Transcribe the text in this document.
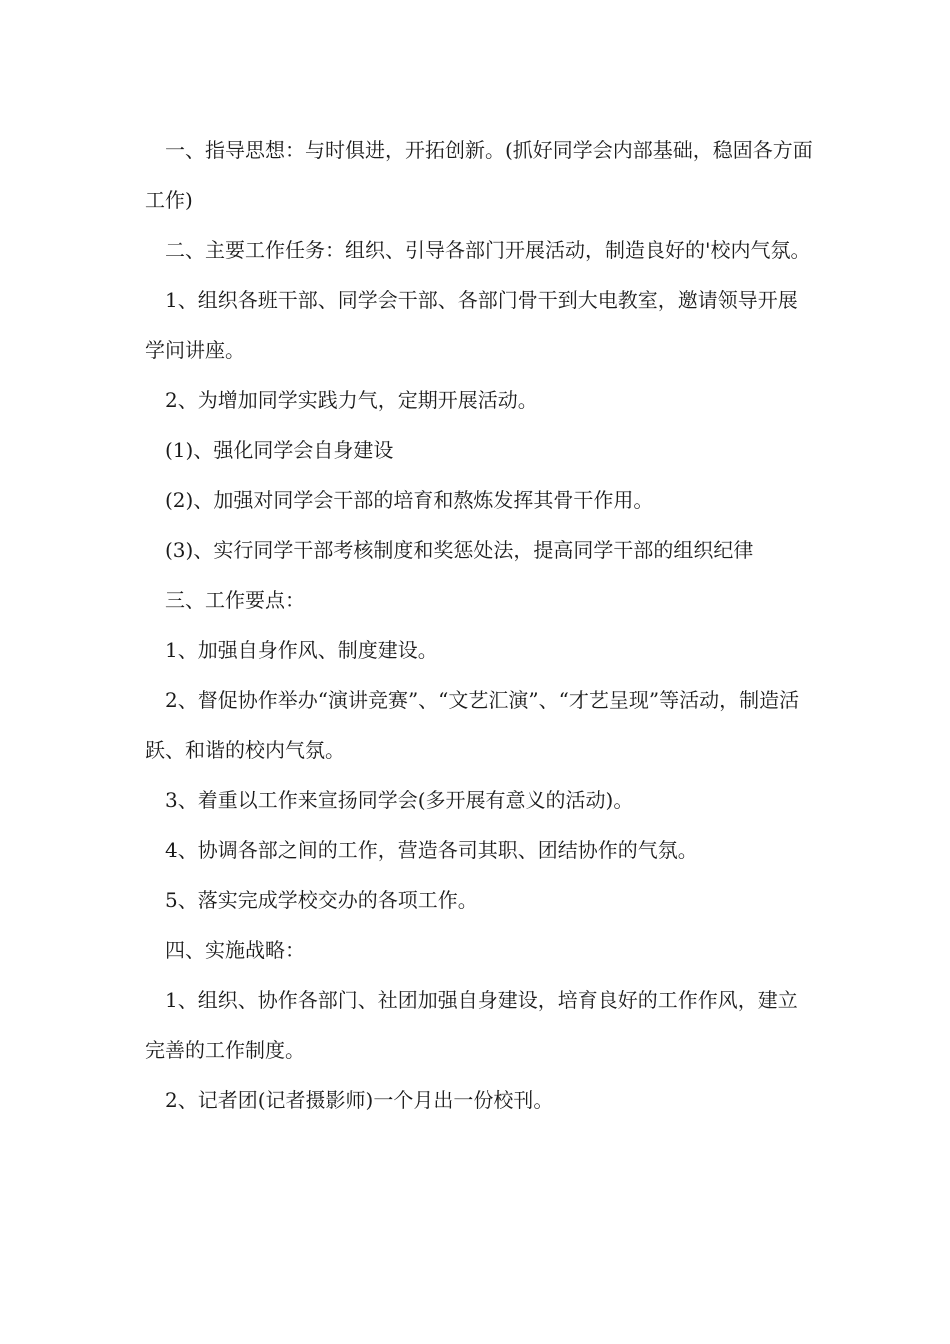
一、指导思想：与时俱进，开拓创新。(抓好同学会内部基础，稳固各方面工作)

二、主要工作任务：组织、引导各部门开展活动，制造良好的'校内气氛。

1、组织各班干部、同学会干部、各部门骨干到大电教室，邀请领导开展学问讲座。

2、为增加同学实践力气，定期开展活动。

(1)、强化同学会自身建设

(2)、加强对同学会干部的培育和熬炼发挥其骨干作用。

(3)、实行同学干部考核制度和奖惩处法，提高同学干部的组织纪律

三、工作要点：

1、加强自身作风、制度建设。

2、督促协作举办“演讲竞赛”、“文艺汇演”、“才艺呈现”等活动，制造活跃、和谐的校内气氛。

3、着重以工作来宣扬同学会(多开展有意义的活动)。

4、协调各部之间的工作，营造各司其职、团结协作的气氛。

5、落实完成学校交办的各项工作。

四、实施战略：

1、组织、协作各部门、社团加强自身建设，培育良好的工作作风，建立完善的工作制度。

2、记者团(记者摄影师)一个月出一份校刊。
